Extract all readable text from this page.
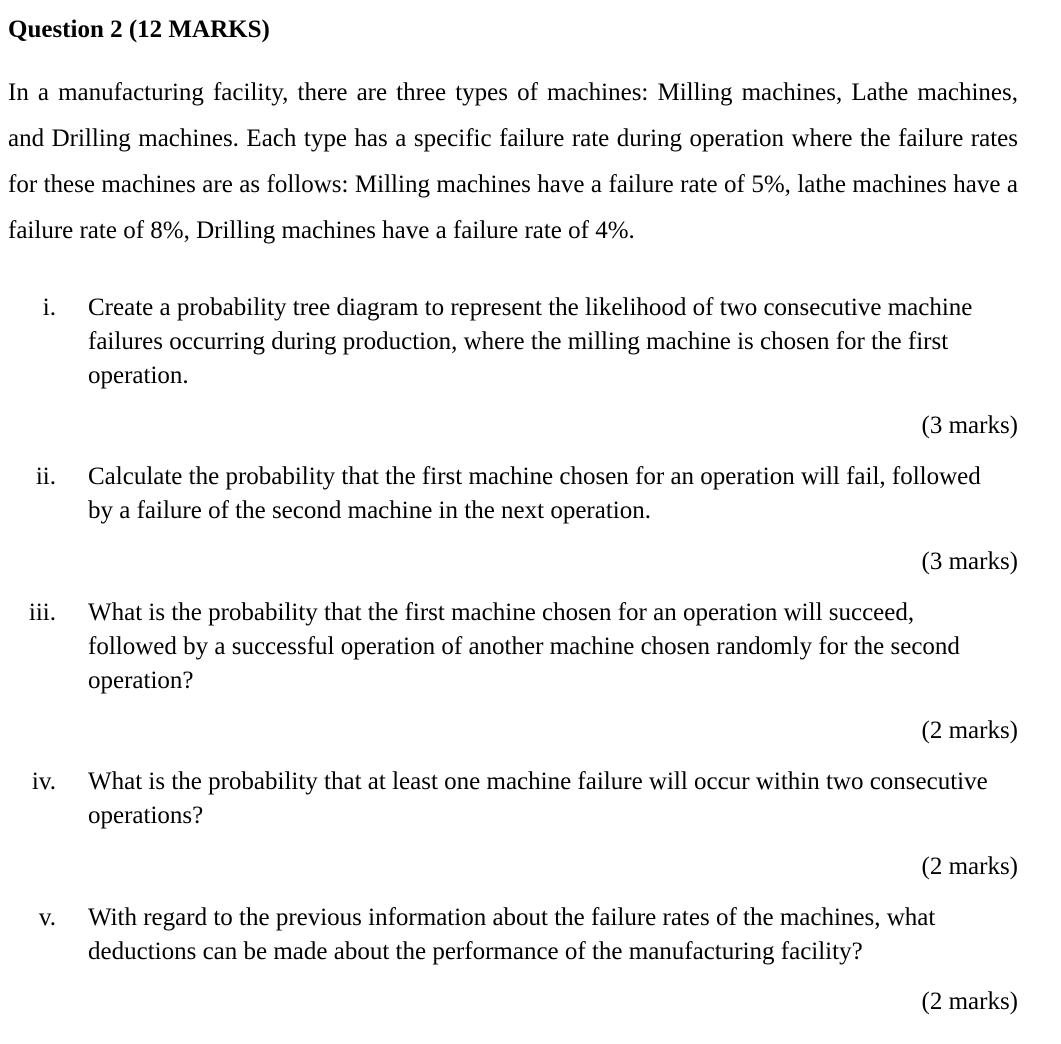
Question 2 (12 MARKS)

In a manufacturing facility, there are three types of machines: Milling machines, Lathe machines, and Drilling machines. Each type has a specific failure rate during operation where the failure rates for these machines are as follows: Milling machines have a failure rate of 5%, lathe machines have a failure rate of 8%, Drilling machines have a failure rate of 4%.

i. Create a probability tree diagram to represent the likelihood of two consecutive machine failures occurring during production, where the milling machine is chosen for the first operation.

(3 marks)
ii. Calculate the probability that the first machine chosen for an operation will fail, followed by a failure of the second machine in the next operation.

(3 marks)
iii. What is the probability that the first machine chosen for an operation will succeed, followed by a successful operation of another machine chosen randomly for the second operation?

(2 marks)
iv. What is the probability that at least one machine failure will occur within two consecutive operations?

(2 marks)
v. With regard to the previous information about the failure rates of the machines, what deductions can be made about the performance of the manufacturing facility?

(2 marks)
